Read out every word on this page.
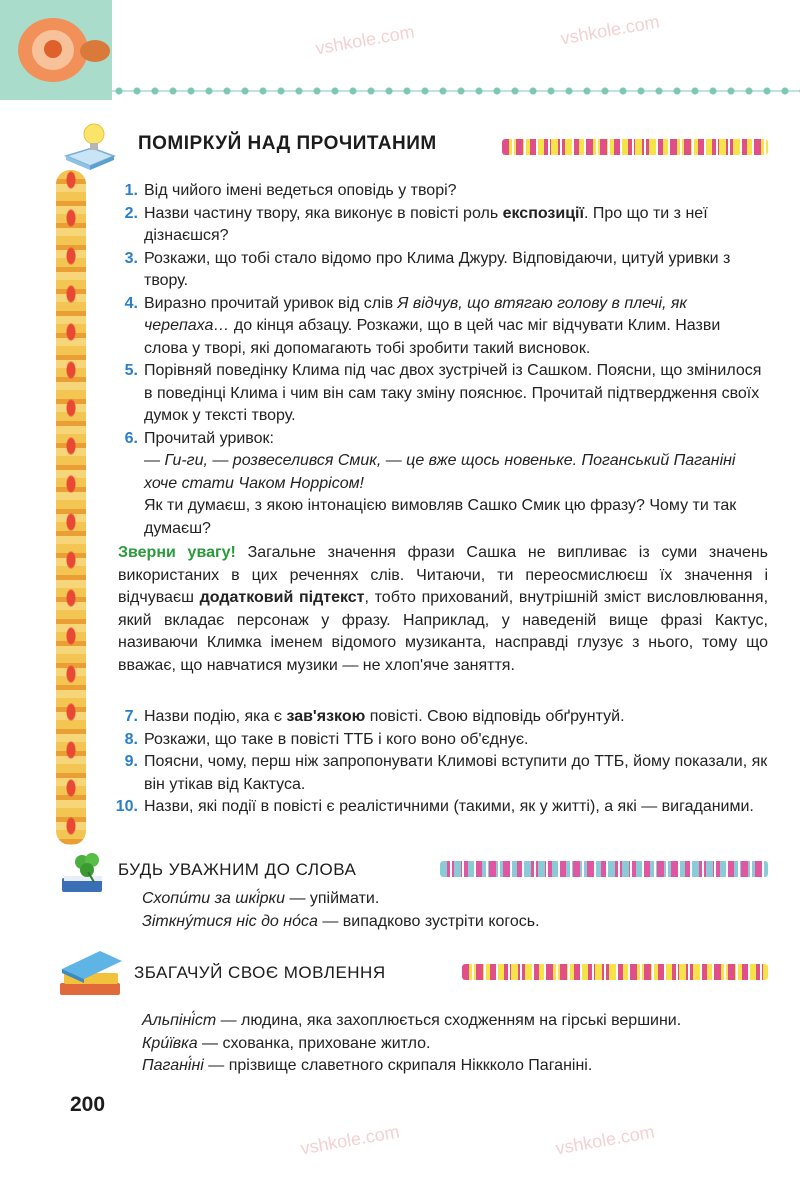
ПОМІРКУЙ НАД ПРОЧИТАНИМ
1. Від чийого імені ведеться оповідь у творі?
2. Назви частину твору, яка виконує в повісті роль експозиції. Про що ти з неї дізнаєшся?
3. Розкажи, що тобі стало відомо про Клима Джуру. Відповідаючи, цитуй уривки з твору.
4. Виразно прочитай уривок від слів Я відчув, що втягаю голову в плечі, як черепаха… до кінця абзацу. Розкажи, що в цей час міг відчувати Клим. Назви слова у творі, які допомагають тобі зробити такий висновок.
5. Порівняй поведінку Клима під час двох зустрічей із Сашком. Поясни, що змінилося в поведінці Клима і чим він сам таку зміну пояснює. Прочитай підтвердження своїх думок у тексті твору.
6. Прочитай уривок:
— Ги-ги, — розвеселився Смик, — це вже щось новеньке. Поганський Паганіні хоче стати Чаком Норрісом!
Як ти думаєш, з якою інтонацією вимовляв Сашко Смик цю фразу? Чому ти так думаєш?
Зверни увагу! Загальне значення фрази Сашка не випливає із суми значень використаних в цих реченнях слів. Читаючи, ти переосмислюєш їх значення і відчуваєш додатковий підтекст, тобто прихований, внутрішній зміст висловлювання, який вкладає персонаж у фразу. Наприклад, у наведеній вище фразі Кактус, називаючи Климка іменем відомого музиканта, насправді глузує з нього, тому що вважає, що навчатися музики — не хлоп'яче заняття.
7. Назви подію, яка є зав'язкою повісті. Свою відповідь обґрунтуй.
8. Розкажи, що таке в повісті ТТБ і кого воно об'єднує.
9. Поясни, чому, перш ніж запропонувати Климові вступити до ТТБ, йому показали, як він утікав від Кактуса.
10. Назви, які події в повісті є реалістичними (такими, як у житті), а які — вигаданими.
БУДЬ УВАЖНИМ ДО СЛОВА
Схопи́ти за шкі́рки — упіймати.
Зіткну́тися ніс до но́са — випадково зустріти когось.
ЗБАГАЧУЙ СВОЄ МОВЛЕННЯ
Альпіні́ст — людина, яка захоплюється сходженням на гірські вершини.
Кри́ївка — схованка, приховане житло.
Пагані́ні — прізвище славетного скрипаля Ніккколо Паганіні.
200
vshkole.com	vshkole.com
vshkole.com	vshkole.com
